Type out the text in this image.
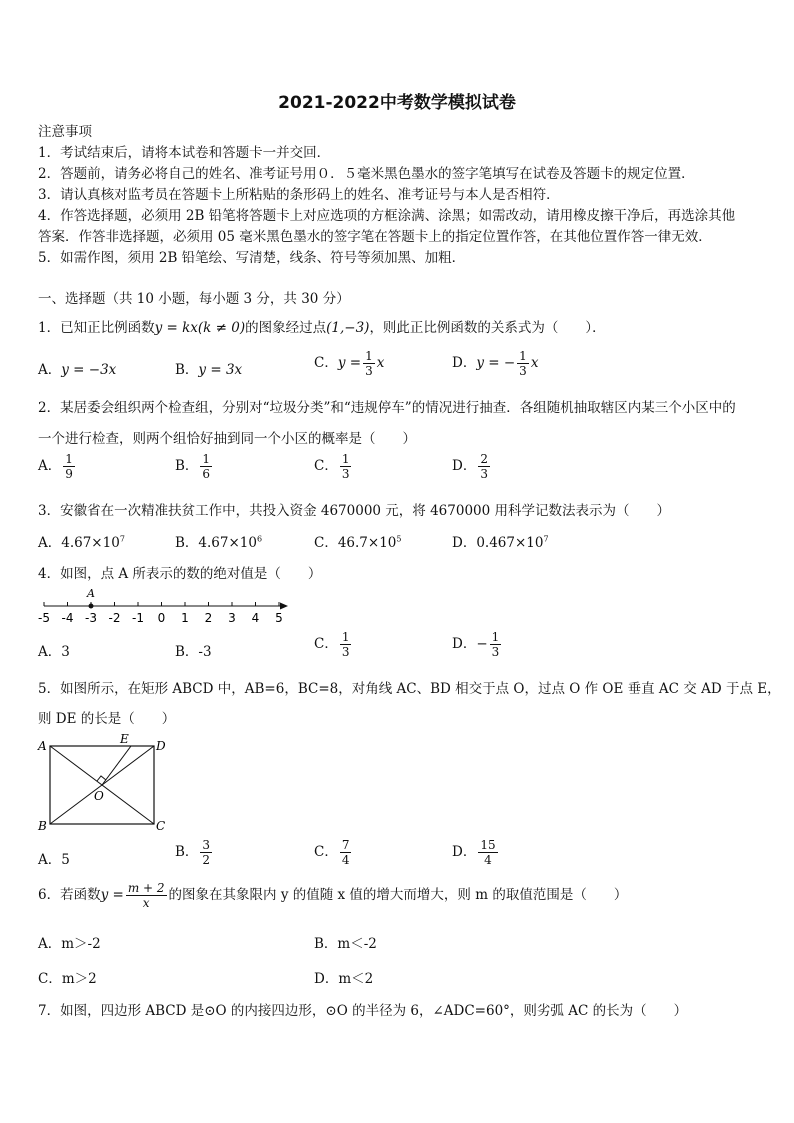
2021-2022中考数学模拟试卷
注意事项
1．考试结束后，请将本试卷和答题卡一并交回．
2．答题前，请务必将自己的姓名、准考证号用０．５毫米黑色墨水的签字笔填写在试卷及答题卡的规定位置．
3．请认真核对监考员在答题卡上所粘贴的条形码上的姓名、准考证号与本人是否相符．
4．作答选择题，必须用 2B 铅笔将答题卡上对应选项的方框涂满、涂黑；如需改动，请用橡皮擦干净后，再选涂其他
答案．作答非选择题，必须用 05 毫米黑色墨水的签字笔在答题卡上的指定位置作答，在其他位置作答一律无效．
5．如需作图，须用 2B 铅笔绘、写清楚，线条、符号等须加黑、加粗．
一、选择题（共 10 小题，每小题 3 分，共 30 分）
1．已知正比例函数y = kx(k ≠ 0)的图象经过点(1,−3)，则此正比例函数的关系式为（　　）．
A．y = −3x	B．y = 3x	C．$y = \frac{1}{3}$ x	D．y = − $\frac{1}{3}$ x
2．某居委会组织两个检查组，分别对“垃圾分类”和“违规停车”的情况进行抽查．各组随机抽取辖区内某三个小区中的
一个进行检查，则两个组恰好抽到同一个小区的概率是（　　）
A． $\frac{1}{9}$	B． $\frac{1}{6}$	C． $\frac{1}{3}$	D． $\frac{2}{3}$
3．安徽省在一次精准扶贫工作中，共投入资金 4670000 元，将 4670000 用科学记数法表示为（　　）
A．$4.67\times 10^7$	B．$4.67\times 10^6$	C．$46.7\times 10^5$	D．$0.467\times 10^7$
4．如图，点 A 所表示的数的绝对值是（　　）
-5 -4 -3 -2 -1 0 1 2 3 4 5
A
A．3	B．-3	C． $\frac{1}{3}$	D．− $\frac{1}{3}$
5．如图所示，在矩形 ABCD 中，AB=6，BC=8，对角线 AC、BD 相交于点 O，过点 O 作 OE 垂直 AC 交 AD 于点 E，
则 DE 的长是（　　）
A
B	C
D
E
O
A．5	B． $\frac{3}{2}$	C． $\frac{7}{4}$	D． $\frac{15}{4}$
6．若函数$y = \frac{m + 2}{x}$ 的图象在其象限内 y 的值随 x 值的增大而增大，则 m 的取值范围是（　　）
A．m＞-2	B．m＜-2
C．m＞2	D．m＜2
7．如图，四边形 ABCD 是⊙O 的内接四边形，⊙O 的半径为 6，∠ADC=60°，则劣弧 AC 的长为（　　）
